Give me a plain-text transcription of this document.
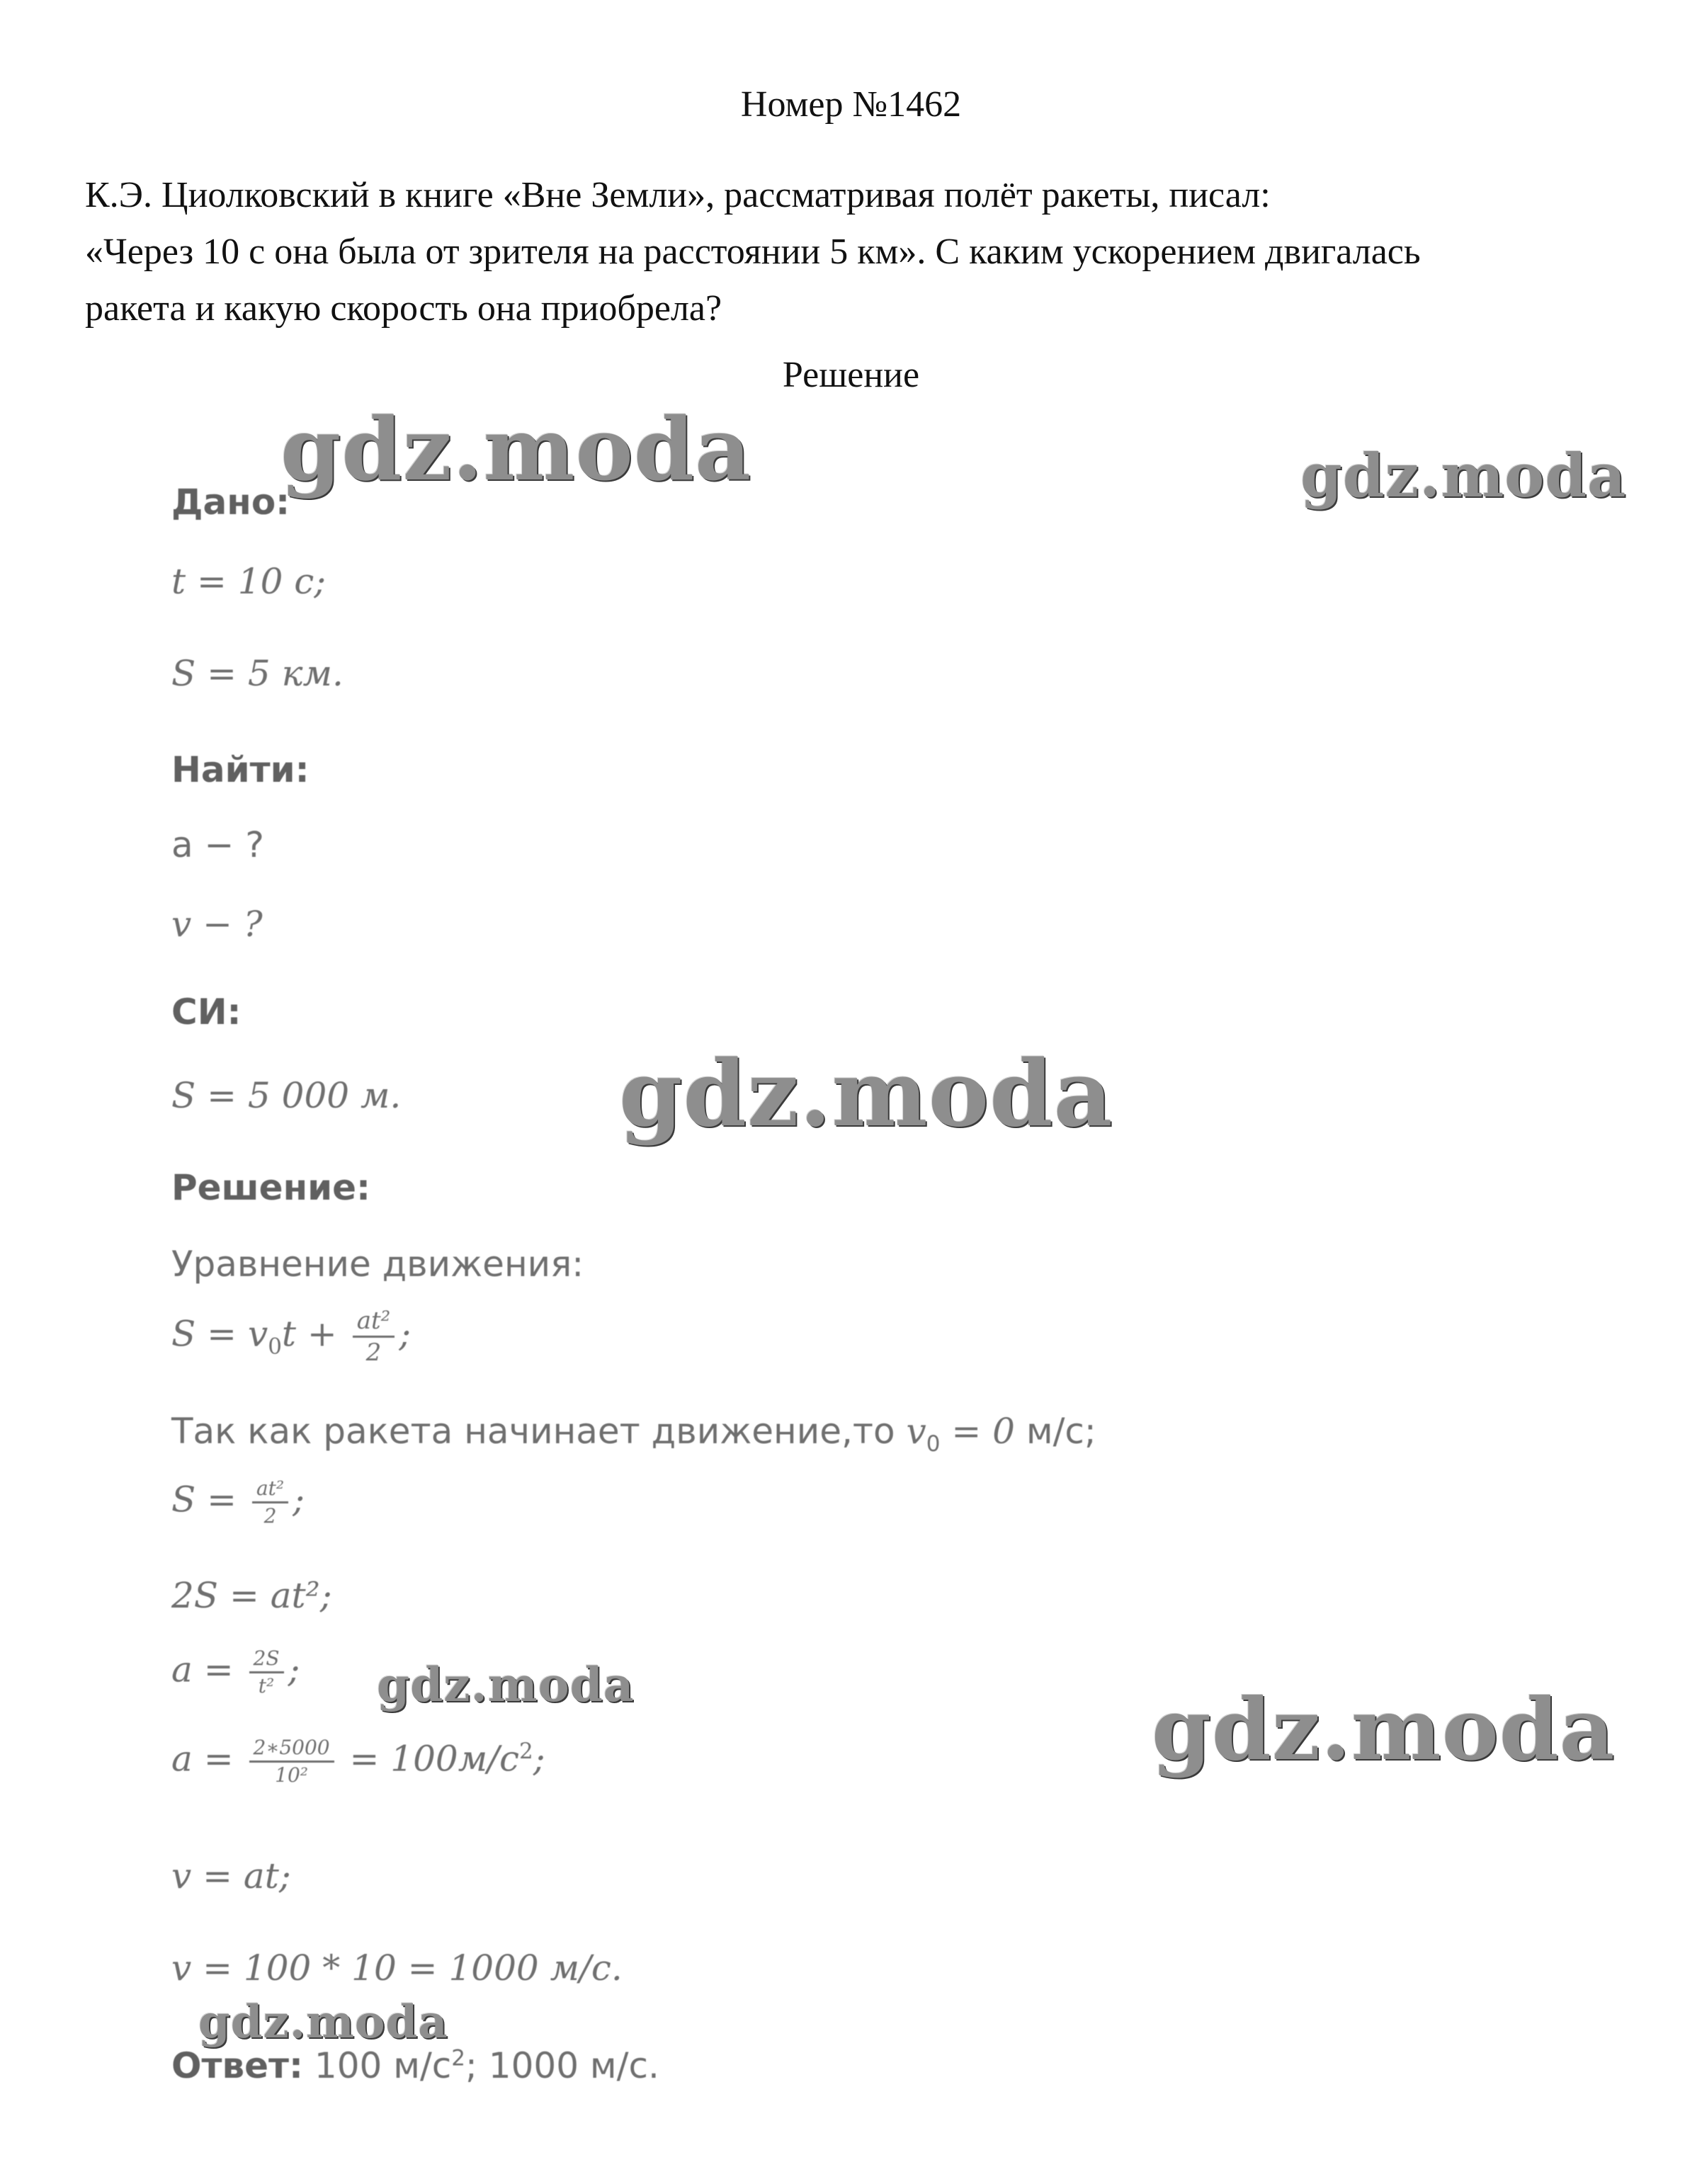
Номер №1462
К.Э. Циолковский в книге «Вне Земли», рассматривая полёт ракеты, писал:
«Через 10 с она была от зрителя на расстоянии 5 км». С каким ускорением двигалась
ракета и какую скорость она приобрела?
Решение
Дано:
t = 10 c;
S = 5 км.
Найти:
a − ?
v − ?
СИ:
S = 5 000 м.
Решение:
Уравнение движения:
$S = v_0t + \frac{\text{at²}}{2}$ ;
Так как ракета начинает движение,то $v_0 = 0$ м/с;
$S = \frac{\text{at²}}{2}$ ;
2S = at²;
$a = \frac{2S}{\text{t²}}$ ;
$a = \frac{2∗5000}{\text{10²}} = 100м/с^2$;
v = at;
v = 100 * 10 = 1000 м/с.
Ответ: 100 $м/с^2$; 1000 м/с.
gdz.moda	gdz.moda
gdz.moda
gdz.moda	gdz.moda
gdz.moda
